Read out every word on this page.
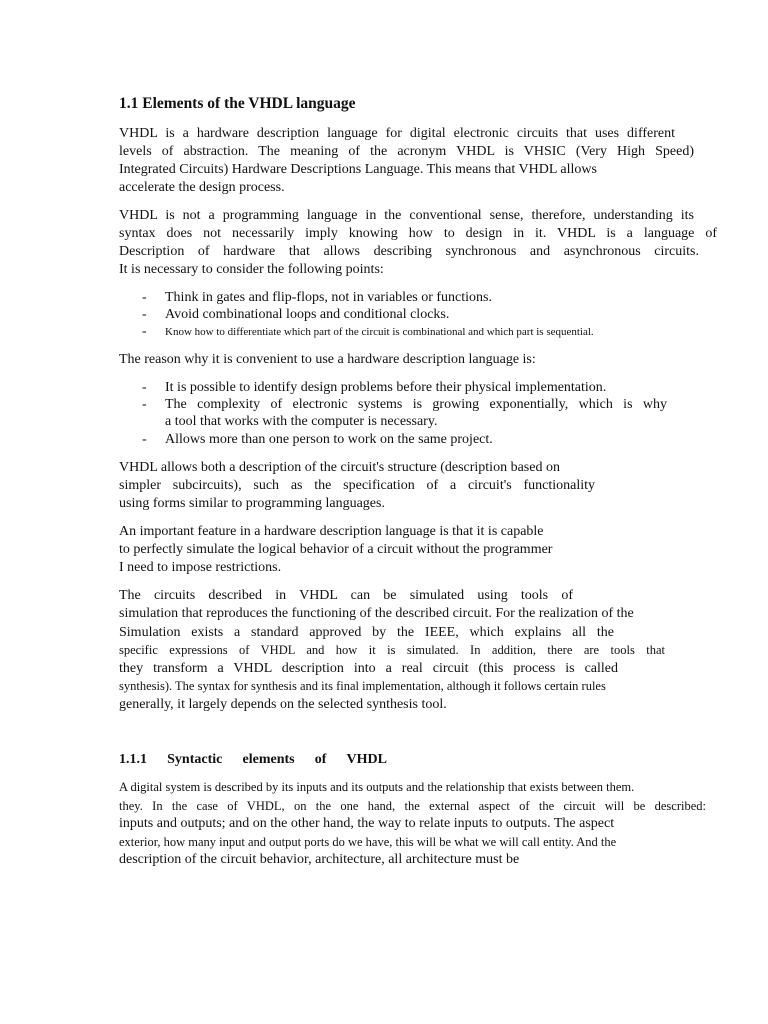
1.1 Elements of the VHDL language
VHDL is a hardware description language for digital electronic circuits that uses different
levels of abstraction. The meaning of the acronym VHDL is VHSIC (Very High Speed)
Integrated Circuits) Hardware Descriptions Language. This means that VHDL allows
accelerate the design process.
VHDL is not a programming language in the conventional sense, therefore, understanding its
syntax does not necessarily imply knowing how to design in it. VHDL is a language of
Description of hardware that allows describing synchronous and asynchronous circuits.
It is necessary to consider the following points:
- Think in gates and flip-flops, not in variables or functions.
- Avoid combinational loops and conditional clocks.
- Know how to differentiate which part of the circuit is combinational and which part is sequential.
The reason why it is convenient to use a hardware description language is:
- It is possible to identify design problems before their physical implementation.
- The complexity of electronic systems is growing exponentially, which is why
a tool that works with the computer is necessary.
- Allows more than one person to work on the same project.
VHDL allows both a description of the circuit's structure (description based on
simpler subcircuits), such as the specification of a circuit's functionality
using forms similar to programming languages.
An important feature in a hardware description language is that it is capable
to perfectly simulate the logical behavior of a circuit without the programmer
I need to impose restrictions.
The circuits described in VHDL can be simulated using tools of
simulation that reproduces the functioning of the described circuit. For the realization of the
Simulation exists a standard approved by the IEEE, which explains all the
specific expressions of VHDL and how it is simulated. In addition, there are tools that
they transform a VHDL description into a real circuit (this process is called
synthesis). The syntax for synthesis and its final implementation, although it follows certain rules
generally, it largely depends on the selected synthesis tool.
1.1.1 Syntactic elements of VHDL
A digital system is described by its inputs and its outputs and the relationship that exists between them.
they. In the case of VHDL, on the one hand, the external aspect of the circuit will be described:
inputs and outputs; and on the other hand, the way to relate inputs to outputs. The aspect
exterior, how many input and output ports do we have, this will be what we will call entity. And the
description of the circuit behavior, architecture, all architecture must be
